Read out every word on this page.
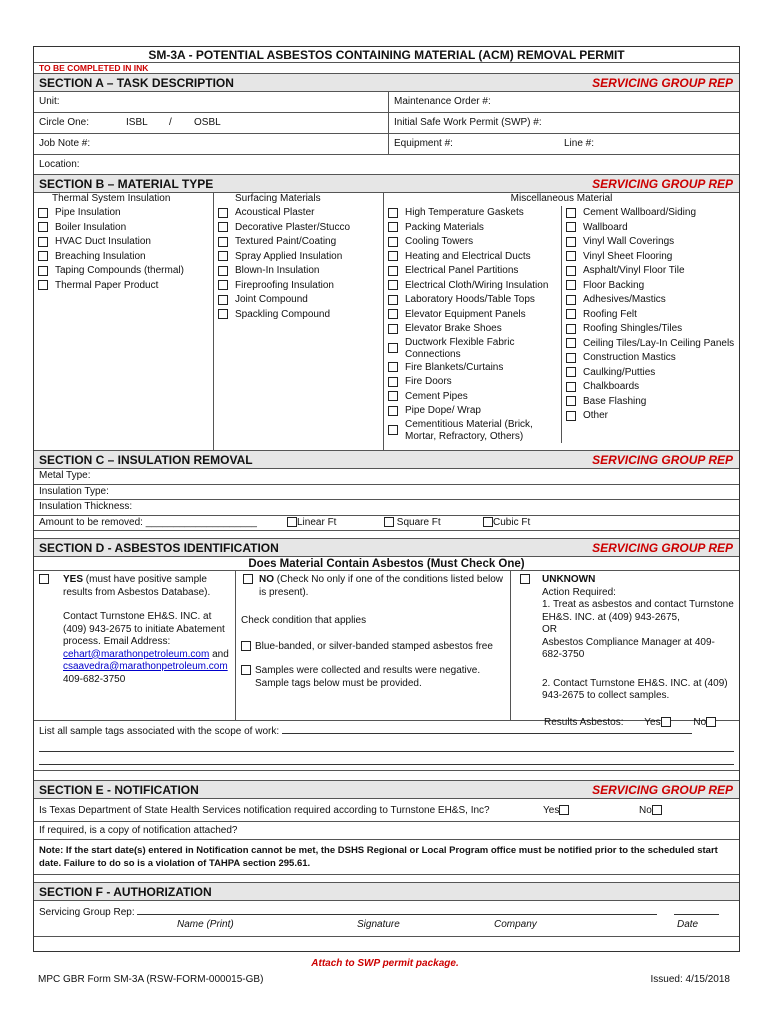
SM-3A - POTENTIAL ASBESTOS CONTAINING MATERIAL (ACM) REMOVAL PERMIT
TO BE COMPLETED IN INK
SECTION A – TASK DESCRIPTION	SERVICING GROUP REP
Unit:	Maintenance Order #:
Circle One:	ISBL / OSBL	Initial Safe Work Permit (SWP) #:
Job Note #:	Equipment #:	Line #:
Location:
SECTION B – MATERIAL TYPE	SERVICING GROUP REP
Thermal System Insulation
Pipe Insulation
Boiler Insulation
HVAC Duct Insulation
Breaching Insulation
Taping Compounds (thermal)
Thermal Paper Product
Surfacing Materials
Acoustical Plaster
Decorative Plaster/Stucco
Textured Paint/Coating
Spray Applied Insulation
Blown-In Insulation
Fireproofing Insulation
Joint Compound
Spackling Compound
Miscellaneous Material
High Temperature Gaskets
Packing Materials
Cooling Towers
Heating and Electrical Ducts
Electrical Panel Partitions
Electrical Cloth/Wiring Insulation
Laboratory Hoods/Table Tops
Elevator Equipment Panels
Elevator Brake Shoes
Ductwork Flexible Fabric Connections
Fire Blankets/Curtains
Fire Doors
Cement Pipes
Pipe Dope/ Wrap
Cementitious Material (Brick, Mortar, Refractory, Others)
Cement Wallboard/Siding
Wallboard
Vinyl Wall Coverings
Vinyl Sheet Flooring
Asphalt/Vinyl Floor Tile
Floor Backing
Adhesives/Mastics
Roofing Felt
Roofing Shingles/Tiles
Ceiling Tiles/Lay-In Ceiling Panels
Construction Mastics
Caulking/Putties
Chalkboards
Base Flashing
Other
SECTION C – INSULATION REMOVAL	SERVICING GROUP REP
Metal Type:
Insulation Type:
Insulation Thickness:
Amount to be removed: ____________________	Linear Ft	Square Ft	Cubic Ft
SECTION D - ASBESTOS IDENTIFICATION	SERVICING GROUP REP
Does Material Contain Asbestos (Must Check One)
YES (must have positive sample results from Asbestos Database).
Contact Turnstone EH&S. INC. at (409) 943-2675 to initiate Abatement process. Email Address:
cehart@marathonpetroleum.com and
csaavedra@marathonpetroleum.com
409-682-3750
NO (Check No only if one of the conditions listed below is present).
Check condition that applies
Blue-banded, or silver-banded stamped asbestos free
Samples were collected and results were negative. Sample tags below must be provided.
UNKNOWN
Action Required:
1. Treat as asbestos and contact Turnstone EH&S. INC. at (409) 943-2675,
OR
Asbestos Compliance Manager at 409-682-3750
2. Contact Turnstone EH&S. INC. at (409) 943-2675 to collect samples.
Results Asbestos: Yes	No
List all sample tags associated with the scope of work:
SECTION E - NOTIFICATION	SERVICING GROUP REP
Is Texas Department of State Health Services notification required according to Turnstone EH&S, Inc?	Yes	No
If required, is a copy of notification attached?
Note: If the start date(s) entered in Notification cannot be met, the DSHS Regional or Local Program office must be notified prior to the scheduled start date. Failure to do so is a violation of TAHPA section 295.61.
SECTION F - AUTHORIZATION
Servicing Group Rep:
Name (Print)	Signature	Company	Date
Attach to SWP permit package.
MPC GBR Form SM-3A (RSW-FORM-000015-GB)	Issued: 4/15/2018
